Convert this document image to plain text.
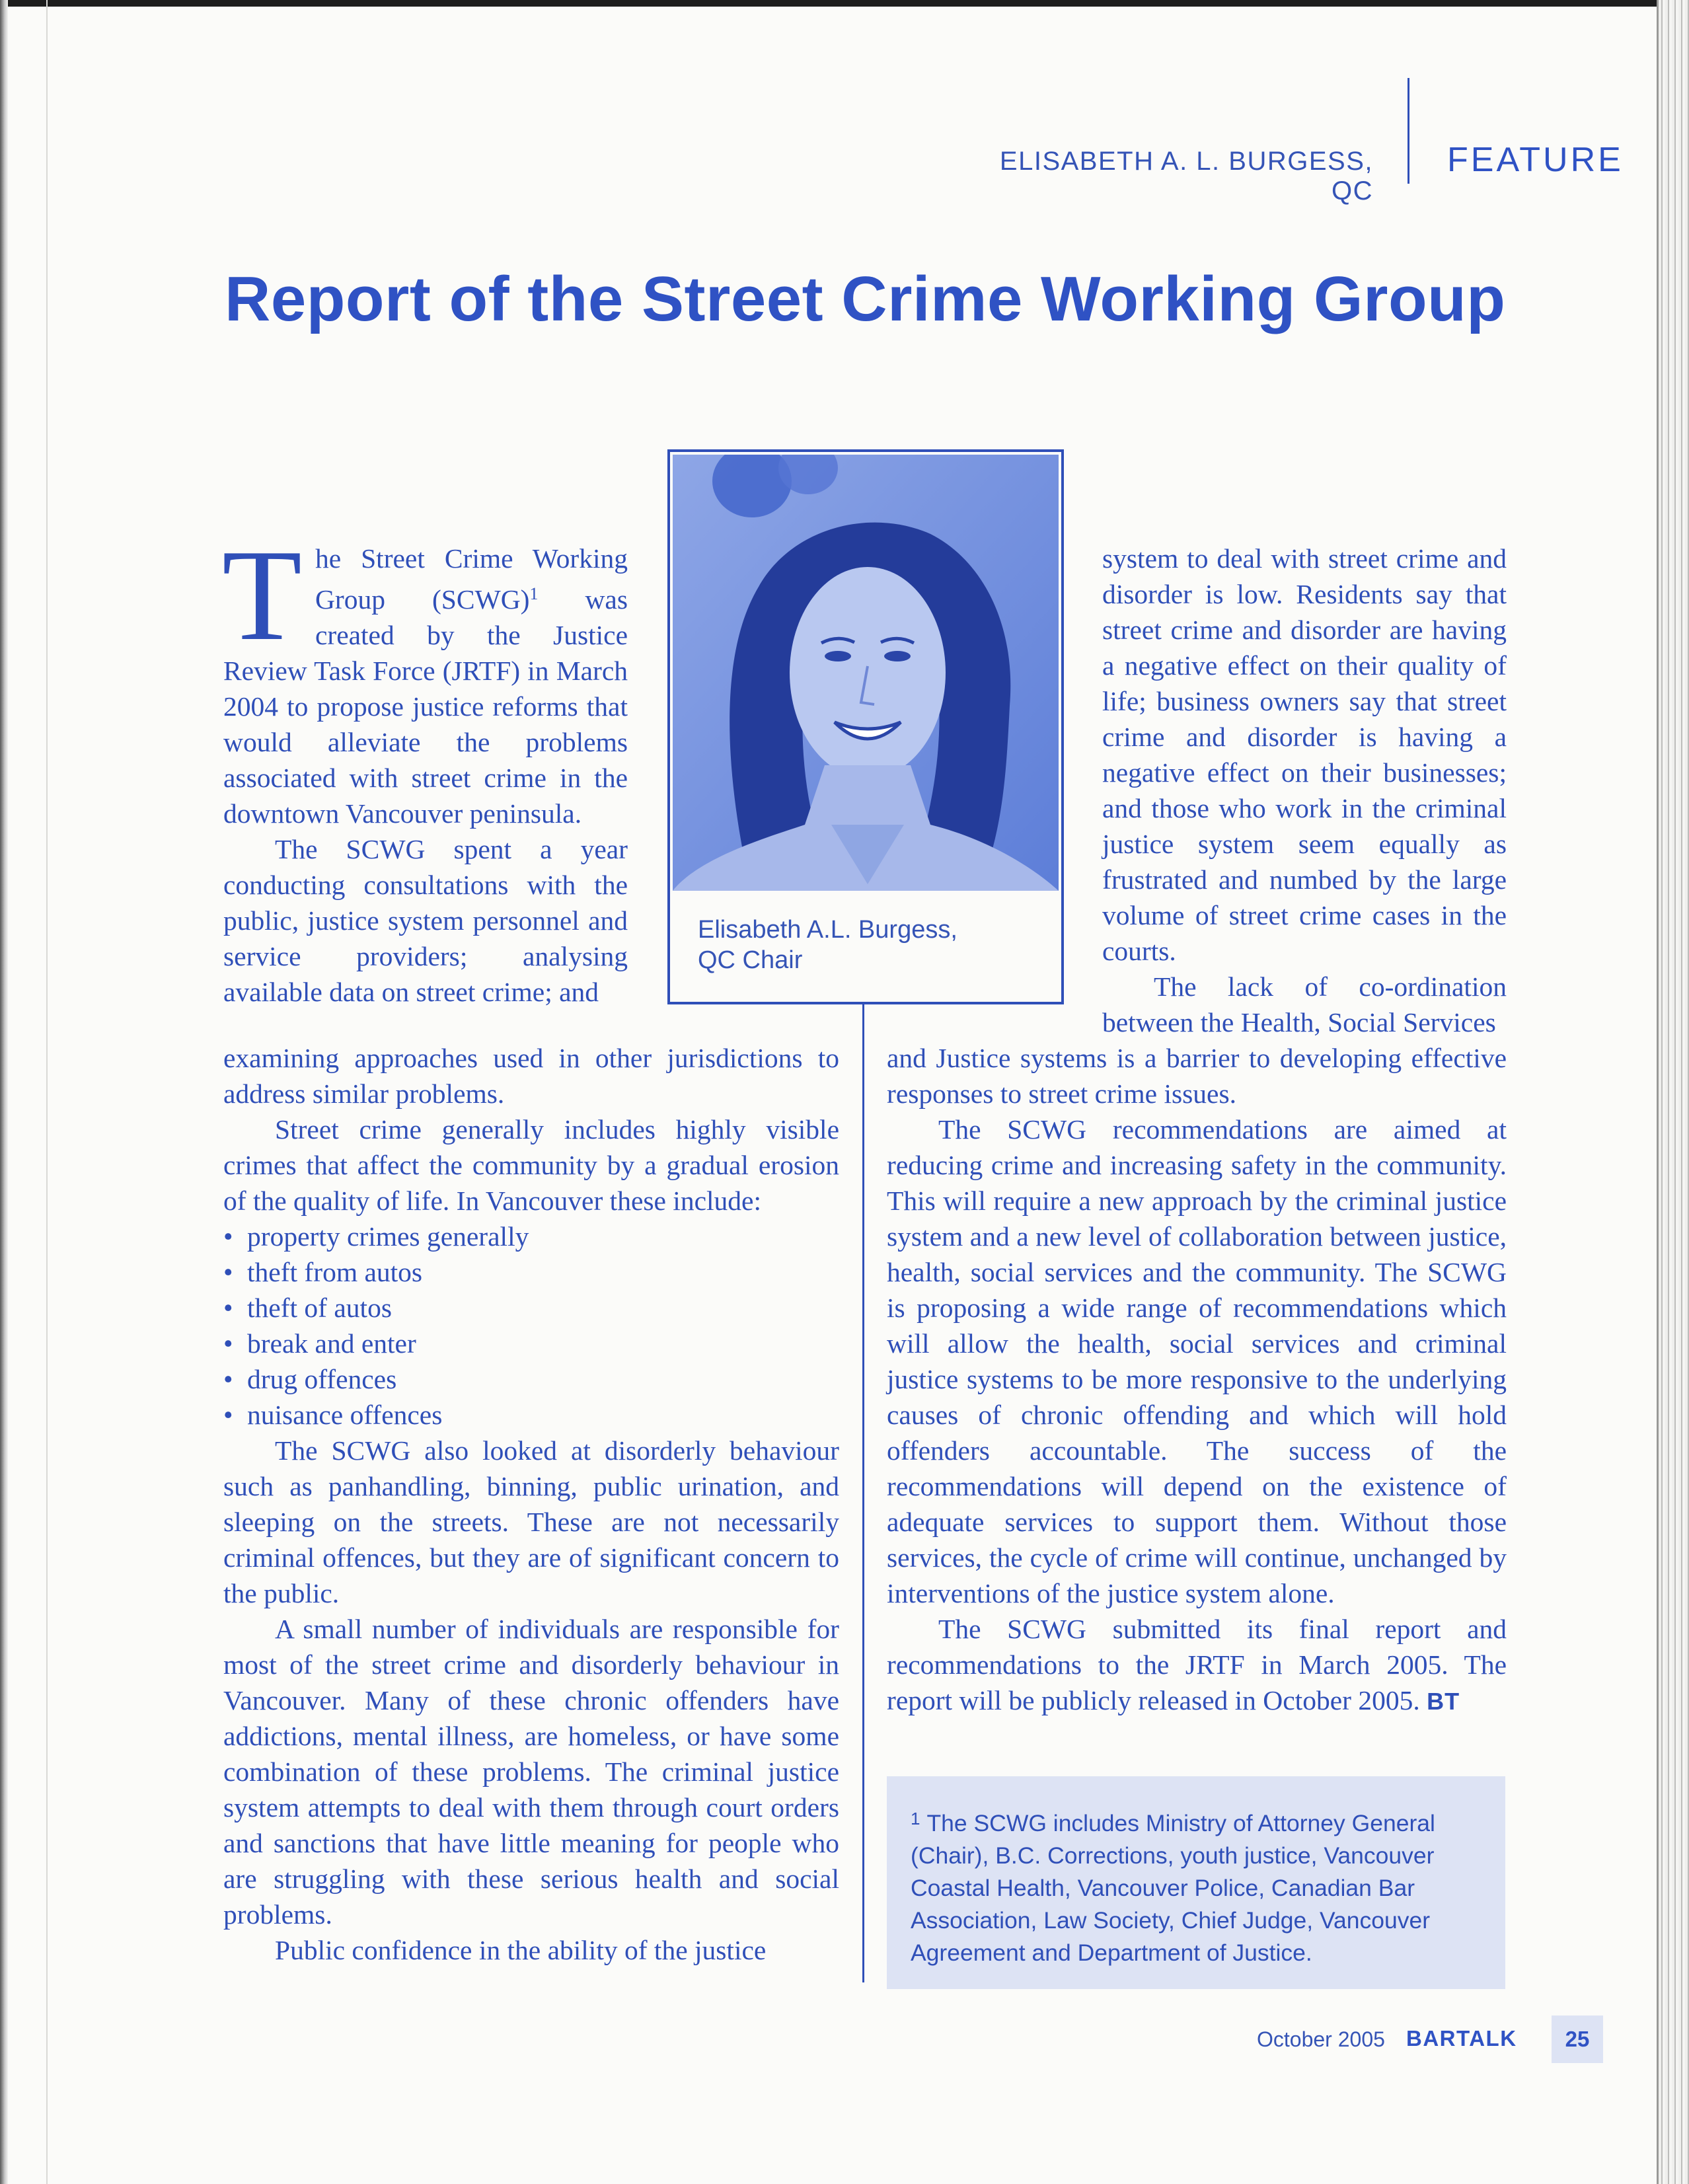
ELISABETH A. L. BURGESS, QC
FEATURE
Report of the Street Crime Working Group

The Street Crime Working Group (SCWG)$^1$ was created by the Justice Review Task Force (JRTF) in March 2004 to propose justice reforms that would alleviate the problems associated with street crime in the downtown Vancouver peninsula.

The SCWG spent a year conducting consultations with the public, justice system personnel and service providers; analysing available data on street crime; and

examining approaches used in other jurisdictions to address similar problems.

Street crime generally includes highly visible crimes that affect the community by a gradual erosion of the quality of life. In Vancouver these include:

• property crimes generally
• theft from autos
• theft of autos
• break and enter
• drug offences
• nuisance offences

The SCWG also looked at disorderly behaviour such as panhandling, binning, public urination, and sleeping on the streets. These are not necessarily criminal offences, but they are of significant concern to the public.

A small number of individuals are responsible for most of the street crime and disorderly behaviour in Vancouver. Many of these chronic offenders have addictions, mental illness, are homeless, or have some combination of these problems. The criminal justice system attempts to deal with them through court orders and sanctions that have little meaning for people who are struggling with these serious health and social problems.

Public confidence in the ability of the justice

system to deal with street crime and disorder is low. Residents say that street crime and disorder are having a negative effect on their quality of life; business owners say that street crime and disorder is having a negative effect on their businesses; and those who work in the criminal justice system seem equally as frustrated and numbed by the large volume of street crime cases in the courts.

The lack of co-ordination between the Health, Social Services

and Justice systems is a barrier to developing effective responses to street crime issues.

The SCWG recommendations are aimed at reducing crime and increasing safety in the community. This will require a new approach by the criminal justice system and a new level of collaboration between justice, health, social services and the community. The SCWG is proposing a wide range of recommendations which will allow the health, social services and criminal justice systems to be more responsive to the underlying causes of chronic offending and which will hold offenders accountable. The success of the recommendations will depend on the existence of adequate services to support them. Without those services, the cycle of crime will continue, unchanged by interventions of the justice system alone.

The SCWG submitted its final report and recommendations to the JRTF in March 2005. The report will be publicly released in October 2005. BT

Elisabeth A.L. Burgess,
QC Chair
$^1$ The SCWG includes Ministry of Attorney General (Chair), B.C. Corrections, youth justice, Vancouver Coastal Health, Vancouver Police, Canadian Bar Association, Law Society, Chief Judge, Vancouver Agreement and Department of Justice.
October 2005 BARTALK	25
